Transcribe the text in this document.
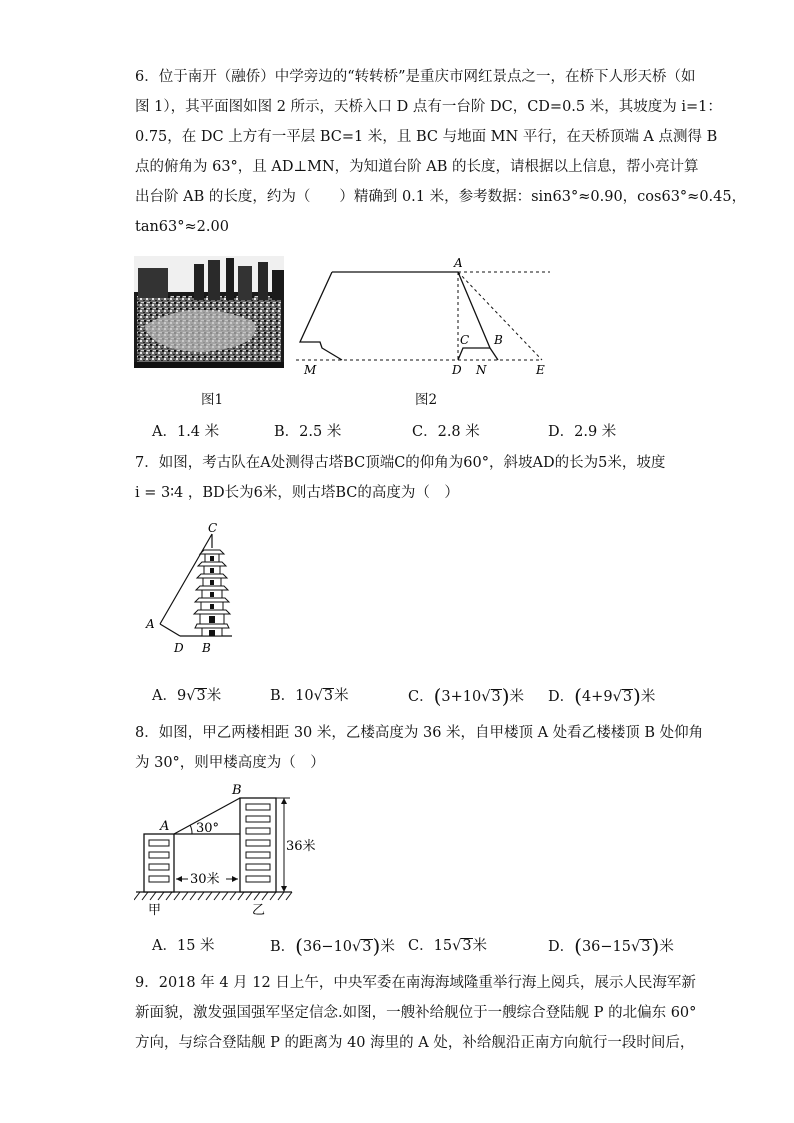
6．位于南开（融侨）中学旁边的“转转桥”是重庆市网红景点之一，在桥下人形天桥（如
图 1），其平面图如图 2 所示，天桥入口 D 点有一台阶 DC，CD=0.5 米，其坡度为 i=1：
0.75，在 DC 上方有一平层 BC=1 米，且 BC 与地面 MN 平行，在天桥顶端 A 点测得 B
点的俯角为 63°，且 AD⊥MN，为知道台阶 AB 的长度，请根据以上信息，帮小亮计算
出台阶 AB 的长度，约为（　　）精确到 0.1 米，参考数据：sin63°≈0.90，cos63°≈0.45，
tan63°≈2.00
图1
A
C B
M	D N	E
图2
A．1.4 米	B．2.5 米	C．2.8 米	D．2.9 米
7．如图，考古队在A处测得古塔BC顶端C的仰角为60°，斜坡AD的长为5米，坡度
i = 3∶4 ，BD长为6米，则古塔BC的高度为（　）
C
A
D B
A．9√3米	B．10√3米	C．(3+10√3)米 D．(4+9√3)米
8．如图，甲乙两楼相距 30 米，乙楼高度为 36 米，自甲楼顶 A 处看乙楼楼顶 B 处仰角
为 30°，则甲楼高度为（　）
30米
30°
36米
A
B
甲	乙
A．15 米	B．(36−10√3)米 C．15√3米	D．(36−15√3)米
9．2018 年 4 月 12 日上午，中央军委在南海海域隆重举行海上阅兵，展示人民海军新
新面貌，激发强国强军坚定信念.如图，一艘补给舰位于一艘综合登陆舰 P 的北偏东 60°
方向，与综合登陆舰 P 的距离为 40 海里的 A 处，补给舰沿正南方向航行一段时间后，
